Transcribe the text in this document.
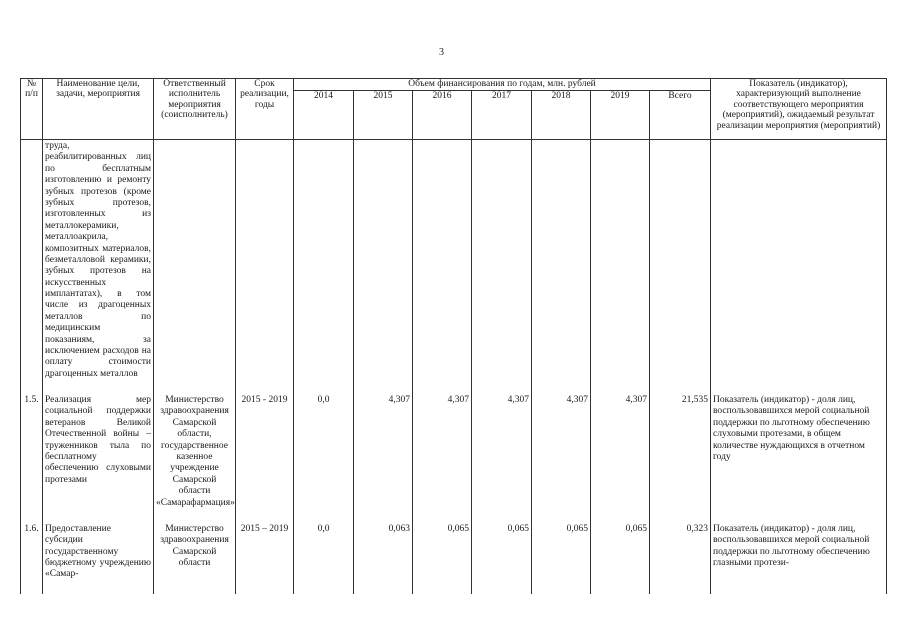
3
№ п/п	Наименование цели, задачи, мероприятия	Ответственный исполнитель мероприятия (соисполнитель)	Срок реализации, годы	Объем финансирования по годам, млн. рублей							Показатель (индикатор), характеризующий выполнение соответствующего мероприятия (мероприятий), ожидаемый результат реализации мероприятия (мероприятий)
				2014	2015	2016	2017	2018	2019	Всего	
	труда, реабилитированных лиц по бесплатным изготовлению и ремонту зубных протезов (кроме зубных протезов, изготовленных из металлокерамики, металлоакрила, композитных материалов, безметалловой керамики, зубных протезов на искусственных имплантатах), в том числе из драгоценных металлов по медицинским показаниям, за исключением расходов на оплату стоимости драгоценных металлов										
1.5.	Реализация мер социальной поддержки ветеранов Великой Отечественной войны – труженников тыла по бесплатному обеспечению слуховыми протезами	Министерство здравоохранения Самарской области, государственное казенное учреждение Самарской области «Самарафармация»	2015 - 2019	0,0	4,307	4,307	4,307	4,307	4,307	21,535	Показатель (индикатор) - доля лиц, воспользовавшихся мерой социальной поддержки по льготному обеспечению слуховыми протезами, в общем количестве нуждающихся в отчетном году
1.6.	Предоставление субсидии государственному бюджетному учреждению «Самар-	Министерство здравоохранения Самарской области	2015 – 2019	0,0	0,063	0,065	0,065	0,065	0,065	0,323	Показатель (индикатор) - доля лиц, воспользовавшихся мерой социальной поддержки по льготному обеспечению глазными протези-
